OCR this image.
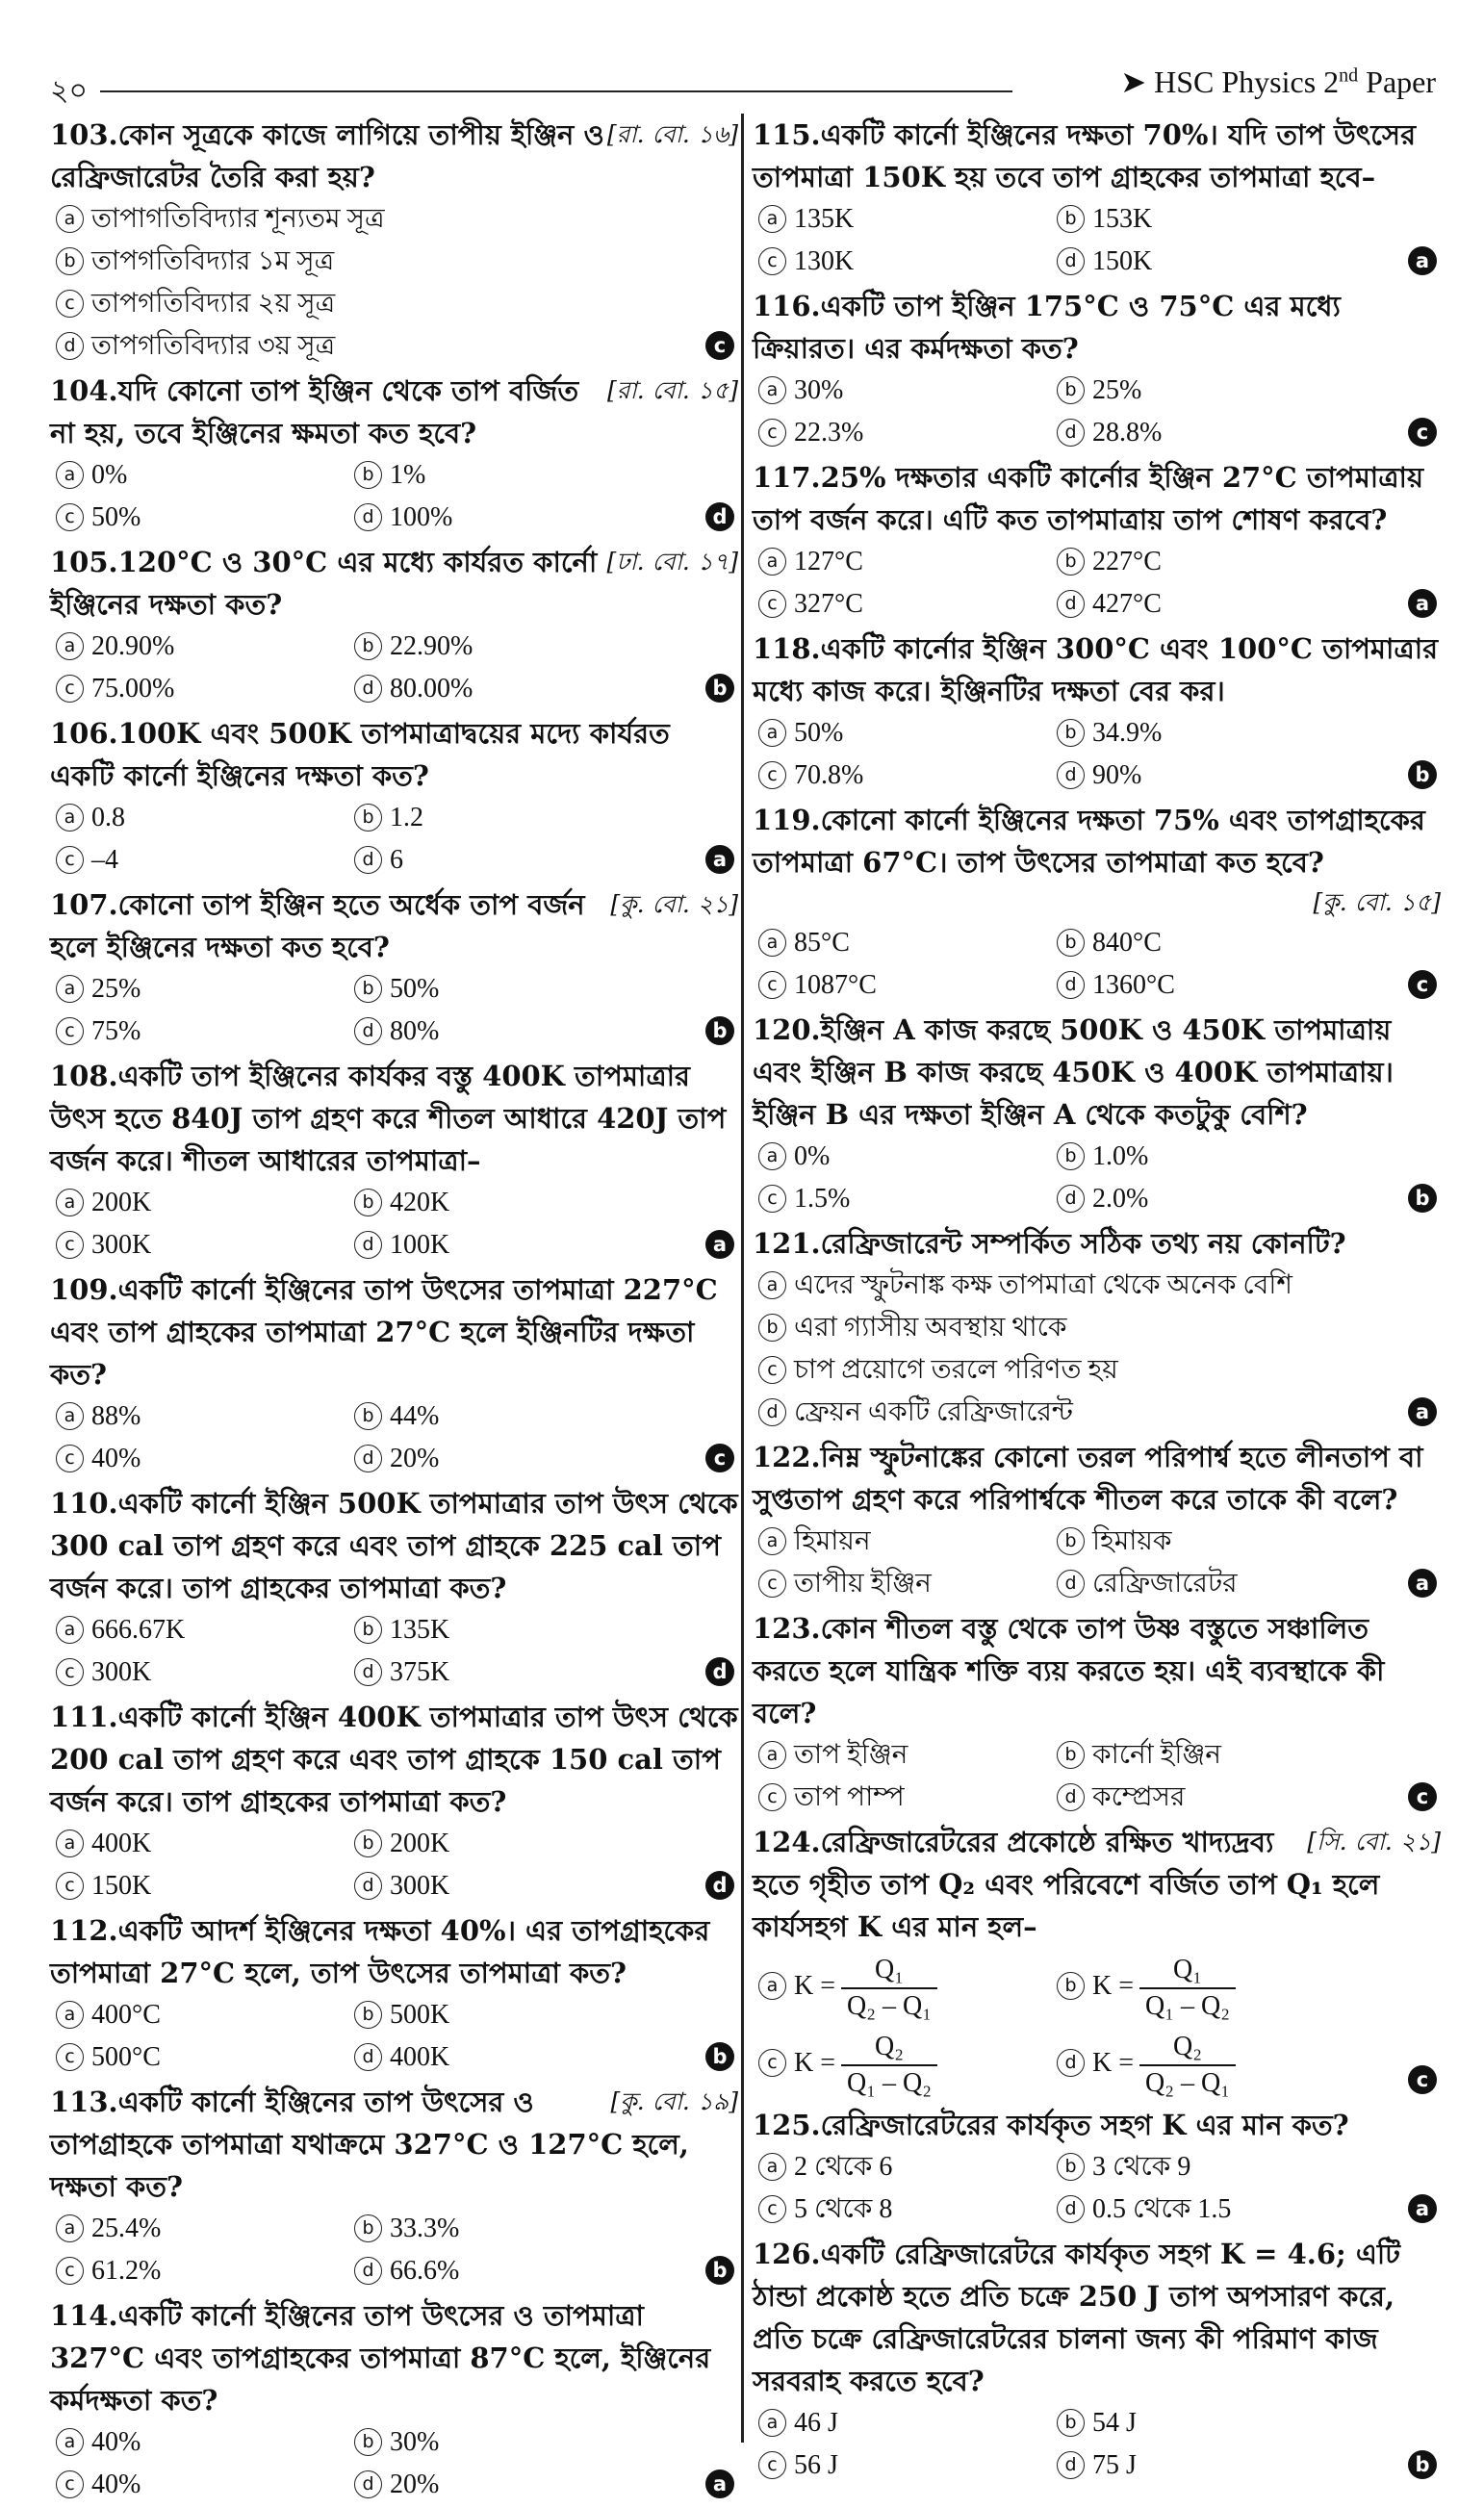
২০	➤ HSC Physics 2nd Paper
[রা. বো. ১৬]
103.কোন সূত্রকে কাজে লাগিয়ে তাপীয় ইঞ্জিন ও রেফ্রিজারেটর তৈরি করা হয়?
a তাপাগতিবিদ্যার শূন্যতম সূত্র
b তাপগতিবিদ্যার ১ম সূত্র
c তাপগতিবিদ্যার ২য় সূত্র
d তাপগতিবিদ্যার ৩য় সূত্র	c
[রা. বো. ১৫]
104.যদি কোনো তাপ ইঞ্জিন থেকে তাপ বর্জিত না হয়, তবে ইঞ্জিনের ক্ষমতা কত হবে?
a 0%	b 1%
c 50%	d 100%	d
[ঢা. বো. ১৭]
105.120°C ও 30°C এর মধ্যে কার্যরত কার্নো ইঞ্জিনের দক্ষতা কত?
a 20.90%	b 22.90%
c 75.00%	d 80.00%	b
106.100K এবং 500K তাপমাত্রাদ্বয়ের মদ্যে কার্যরত একটি কার্নো ইঞ্জিনের দক্ষতা কত?
a 0.8	b 1.2
c –4	d 6	a
[কু. বো. ২১]
107.কোনো তাপ ইঞ্জিন হতে অর্ধেক তাপ বর্জন হলে ইঞ্জিনের দক্ষতা কত হবে?
a 25%	b 50%
c 75%	d 80%	b
108.একটি তাপ ইঞ্জিনের কার্যকর বস্তু 400K তাপমাত্রার উৎস হতে 840J তাপ গ্রহণ করে শীতল আধারে 420J তাপ বর্জন করে। শীতল আধারের তাপমাত্রা–
a 200K	b 420K
c 300K	d 100K	a
109.একটি কার্নো ইঞ্জিনের তাপ উৎসের তাপমাত্রা 227°C এবং তাপ গ্রাহকের তাপমাত্রা 27°C হলে ইঞ্জিনটির দক্ষতা কত?
a 88%	b 44%
c 40%	d 20%	c
110.একটি কার্নো ইঞ্জিন 500K তাপমাত্রার তাপ উৎস থেকে 300 cal তাপ গ্রহণ করে এবং তাপ গ্রাহকে 225 cal তাপ বর্জন করে। তাপ গ্রাহকের তাপমাত্রা কত?
a 666.67K	b 135K
c 300K	d 375K	d
111.একটি কার্নো ইঞ্জিন 400K তাপমাত্রার তাপ উৎস থেকে 200 cal তাপ গ্রহণ করে এবং তাপ গ্রাহকে 150 cal তাপ বর্জন করে। তাপ গ্রাহকের তাপমাত্রা কত?
a 400K	b 200K
c 150K	d 300K	d
112.একটি আদর্শ ইঞ্জিনের দক্ষতা 40%। এর তাপগ্রাহকের তাপমাত্রা 27°C হলে, তাপ উৎসের তাপমাত্রা কত?
a 400°C	b 500K
c 500°C	d 400K	b
[কু. বো. ১৯]
113.একটি কার্নো ইঞ্জিনের তাপ উৎসের ও তাপগ্রাহকে তাপমাত্রা যথাক্রমে 327°C ও 127°C হলে, দক্ষতা কত?
a 25.4%	b 33.3%
c 61.2%	d 66.6%	b
114.একটি কার্নো ইঞ্জিনের তাপ উৎসের ও তাপমাত্রা 327°C এবং তাপগ্রাহকের তাপমাত্রা 87°C হলে, ইঞ্জিনের কর্মদক্ষতা কত?
a 40%	b 30%
c 40%	d 20%	a
115.একটি কার্নো ইঞ্জিনের দক্ষতা 70%। যদি তাপ উৎসের তাপমাত্রা 150K হয় তবে তাপ গ্রাহকের তাপমাত্রা হবে–
a 135K	b 153K
c 130K	d 150K	a
116.একটি তাপ ইঞ্জিন 175°C ও 75°C এর মধ্যে ক্রিয়ারত। এর কর্মদক্ষতা কত?
a 30%	b 25%
c 22.3%	d 28.8%	c
117.25% দক্ষতার একটি কার্নোর ইঞ্জিন 27°C তাপমাত্রায় তাপ বর্জন করে। এটি কত তাপমাত্রায় তাপ শোষণ করবে?
a 127°C	b 227°C
c 327°C	d 427°C	a
118.একটি কার্নোর ইঞ্জিন 300°C এবং 100°C তাপমাত্রার মধ্যে কাজ করে। ইঞ্জিনটির দক্ষতা বের কর।
a 50%	b 34.9%
c 70.8%	d 90%	b
119.কোনো কার্নো ইঞ্জিনের দক্ষতা 75% এবং তাপগ্রাহকের তাপমাত্রা 67°C। তাপ উৎসের তাপমাত্রা কত হবে?
[কু. বো. ১৫]
a 85°C	b 840°C
c 1087°C	d 1360°C	c
120.ইঞ্জিন A কাজ করছে 500K ও 450K তাপমাত্রায় এবং ইঞ্জিন B কাজ করছে 450K ও 400K তাপমাত্রায়। ইঞ্জিন B এর দক্ষতা ইঞ্জিন A থেকে কতটুকু বেশি?
a 0%	b 1.0%
c 1.5%	d 2.0%	b
121.রেফ্রিজারেন্ট সম্পর্কিত সঠিক তথ্য নয় কোনটি?
a এদের স্ফুটনাঙ্ক কক্ষ তাপমাত্রা থেকে অনেক বেশি
b এরা গ্যাসীয় অবস্থায় থাকে
c চাপ প্রয়োগে তরলে পরিণত হয়
d ফ্রেয়ন একটি রেফ্রিজারেন্ট	a
122.নিম্ন স্ফুটনাঙ্কের কোনো তরল পরিপার্শ্ব হতে লীনতাপ বা সুপ্ততাপ গ্রহণ করে পরিপার্শ্বকে শীতল করে তাকে কী বলে?
a হিমায়ন	b হিমায়ক
c তাপীয় ইঞ্জিন	d রেফ্রিজারেটর	a
123.কোন শীতল বস্তু থেকে তাপ উষ্ণ বস্তুতে সঞ্চালিত করতে হলে যান্ত্রিক শক্তি ব্যয় করতে হয়। এই ব্যবস্থাকে কী বলে?
a তাপ ইঞ্জিন	b কার্নো ইঞ্জিন
c তাপ পাম্প	d কম্প্রেসর	c
[সি. বো. ২১]
124.রেফ্রিজারেটরের প্রকোষ্ঠে রক্ষিত খাদ্যদ্রব্য হতে গৃহীত তাপ Q₂ এবং পরিবেশে বর্জিত তাপ Q₁ হলে কার্যসহগ K এর মান হল–
a $K = \frac{\text{Q₁}}{\text{Q₂ – Q₁}}$	b $K = \frac{\text{Q₁}}{\text{Q₁ – Q₂}}$
c $K = \frac{\text{Q₂}}{\text{Q₁ – Q₂}}$	d $K = \frac{\text{Q₂}}{\text{Q₂ – Q₁}}$	c
125.রেফ্রিজারেটরের কার্যকৃত সহগ K এর মান কত?
a 2 থেকে 6	b 3 থেকে 9
c 5 থেকে 8	d 0.5 থেকে 1.5	a
126.একটি রেফ্রিজারেটরে কার্যকৃত সহগ K = 4.6; এটি ঠান্ডা প্রকোষ্ঠ হতে প্রতি চক্রে 250 J তাপ অপসারণ করে, প্রতি চক্রে রেফ্রিজারেটরের চালনা জন্য কী পরিমাণ কাজ সরবরাহ করতে হবে?
a 46 J	b 54 J
c 56 J	d 75 J	b
